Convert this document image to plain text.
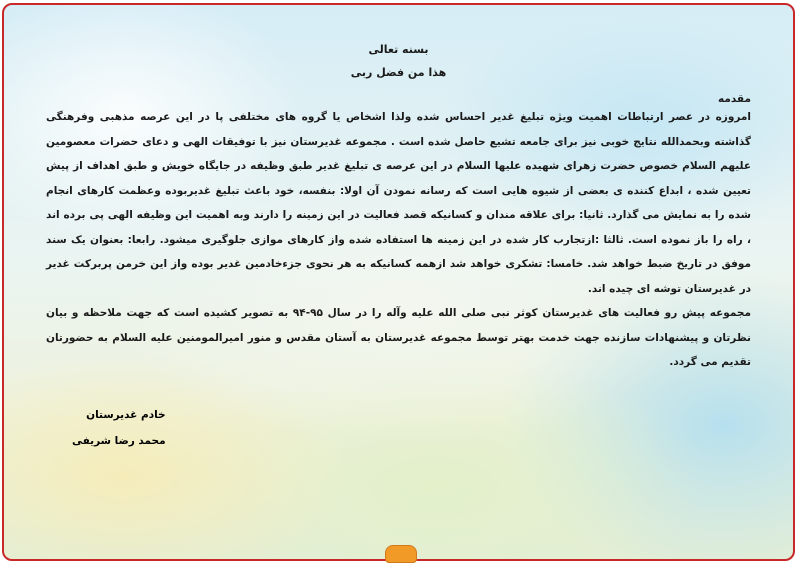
بسنه تعالی

هذا من فضل ربی

مقدمه

امروزه در عصر ارتباطات اهمیت ویژه تبلیغ غدیر احساس شده ولذا اشخاص یا گروه های مختلفی پا در این عرصه مذهبی وفرهنگی گذاشته وبحمدالله نتایج خوبی نیز برای جامعه تشیع حاصل شده است . مجموعه غدیرستان نیز با توفیقات الهی و دعای حضرات معصومین علیهم السلام خصوص حضرت زهرای شهیده علیها السلام در این عرصه ی تبلیغ غدیر طبق وظیفه در جایگاه خویش و طبق اهداف از پیش تعیین شده ، ابداع کننده ی بعضی از شیوه هایی است که رسانه نمودن آن اولا: بنفسه، خود باعث تبلیغ غدیربوده وعظمت کارهای انجام شده را به نمایش می گذارد. ثانیا: برای علاقه مندان و کسانیکه قصد فعالیت در این زمینه را دارند وبه اهمیت این وظیفه الهی پی برده اند ، راه را باز نموده است. ثالثا :ازتجارب کار شده در این زمینه ها استفاده شده واز کارهای موازی جلوگیری میشود. رابعا: بعنوان یک سند موفق در تاریخ ضبط خواهد شد. خامسا: تشکری خواهد شد ازهمه کسانیکه به هر نحوی جزءخادمین غدیر بوده واز این خرمن پربرکت غدیر در غدیرستان توشه ای چیده اند.

مجموعه پیش رو فعالیت های غدیرستان کوثر نبی صلی الله علیه وآله را در سال ۹۵-۹۴ به تصویر کشیده است که جهت ملاحظه و بیان نظرتان و پیشنهادات سازنده جهت خدمت بهتر توسط مجموعه غدیرستان به آستان مقدس و منور امیرالمومنین علیه السلام به حضورتان تقدیم می گردد.

خادم غدیرستان
محمد رضا شریفی
